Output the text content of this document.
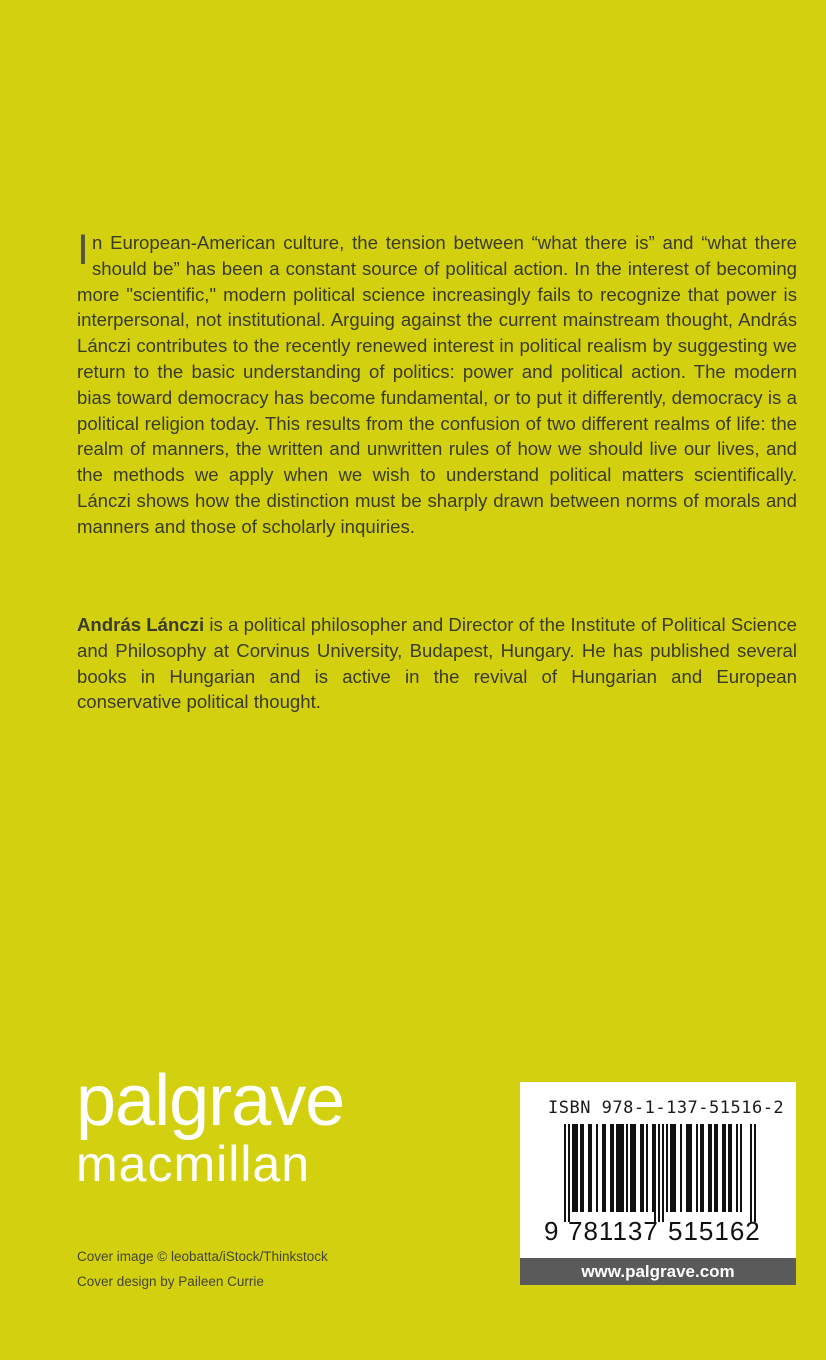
In European-American culture, the tension between “what there is” and “what there should be” has been a constant source of political action. In the interest of becoming more "scientific," modern political science increasingly fails to recognize that power is interpersonal, not institutional. Arguing against the current mainstream thought, András Lánczi contributes to the recently renewed interest in political realism by suggesting we return to the basic understanding of politics: power and political action. The modern bias toward democracy has become fundamental, or to put it differently, democracy is a political religion today. This results from the confusion of two different realms of life: the realm of manners, the written and unwritten rules of how we should live our lives, and the methods we apply when we wish to understand political matters scientifically. Lánczi shows how the distinction must be sharply drawn between norms of morals and manners and those of scholarly inquiries.

András Lánczi is a political philosopher and Director of the Institute of Political Science and Philosophy at Corvinus University, Budapest, Hungary. He has published several books in Hungarian and is active in the revival of Hungarian and European conservative political thought.

palgrave
macmillan
Cover image © leobatta/iStock/Thinkstock
Cover design by Paileen Currie
ISBN 978-1-137-51516-2
9 781137 515162
www.palgrave.com
